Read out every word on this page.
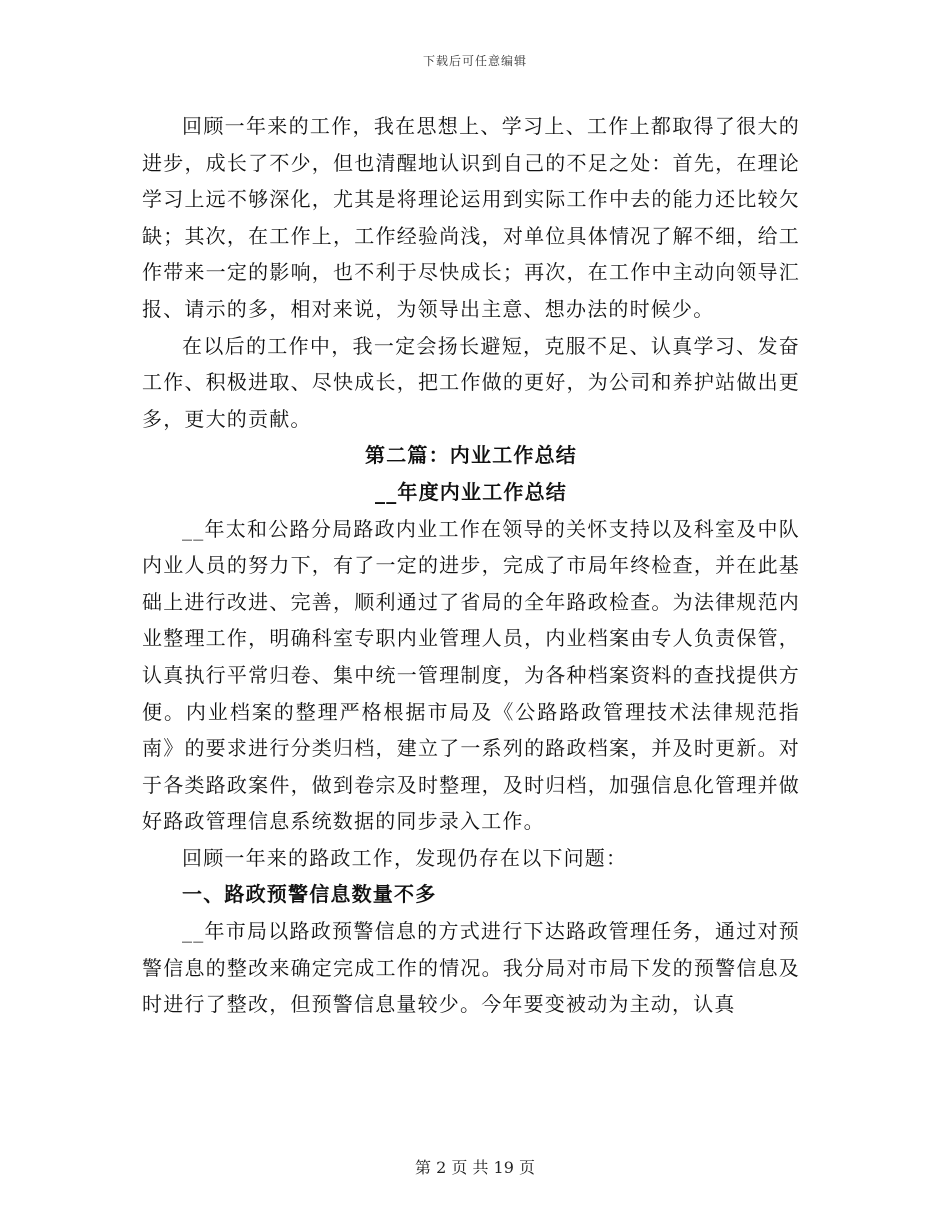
下载后可任意编辑

回顾一年来的工作，我在思想上、学习上、工作上都取得了很大的进步，成长了不少，但也清醒地认识到自己的不足之处：首先，在理论学习上远不够深化，尤其是将理论运用到实际工作中去的能力还比较欠缺；其次，在工作上，工作经验尚浅，对单位具体情况了解不细，给工作带来一定的影响，也不利于尽快成长；再次，在工作中主动向领导汇报、请示的多，相对来说，为领导出主意、想办法的时候少。

在以后的工作中，我一定会扬长避短，克服不足、认真学习、发奋工作、积极进取、尽快成长，把工作做的更好，为公司和养护站做出更多，更大的贡献。

第二篇：内业工作总结

__年度内业工作总结

__年太和公路分局路政内业工作在领导的关怀支持以及科室及中队内业人员的努力下，有了一定的进步，完成了市局年终检查，并在此基础上进行改进、完善，顺利通过了省局的全年路政检查。为法律规范内业整理工作，明确科室专职内业管理人员，内业档案由专人负责保管，认真执行平常归卷、集中统一管理制度，为各种档案资料的查找提供方便。内业档案的整理严格根据市局及《公路路政管理技术法律规范指南》的要求进行分类归档，建立了一系列的路政档案，并及时更新。对于各类路政案件，做到卷宗及时整理，及时归档，加强信息化管理并做好路政管理信息系统数据的同步录入工作。

回顾一年来的路政工作，发现仍存在以下问题：

一、路政预警信息数量不多

__年市局以路政预警信息的方式进行下达路政管理任务，通过对预警信息的整改来确定完成工作的情况。我分局对市局下发的预警信息及时进行了整改，但预警信息量较少。今年要变被动为主动，认真

第 2 页 共 19 页
